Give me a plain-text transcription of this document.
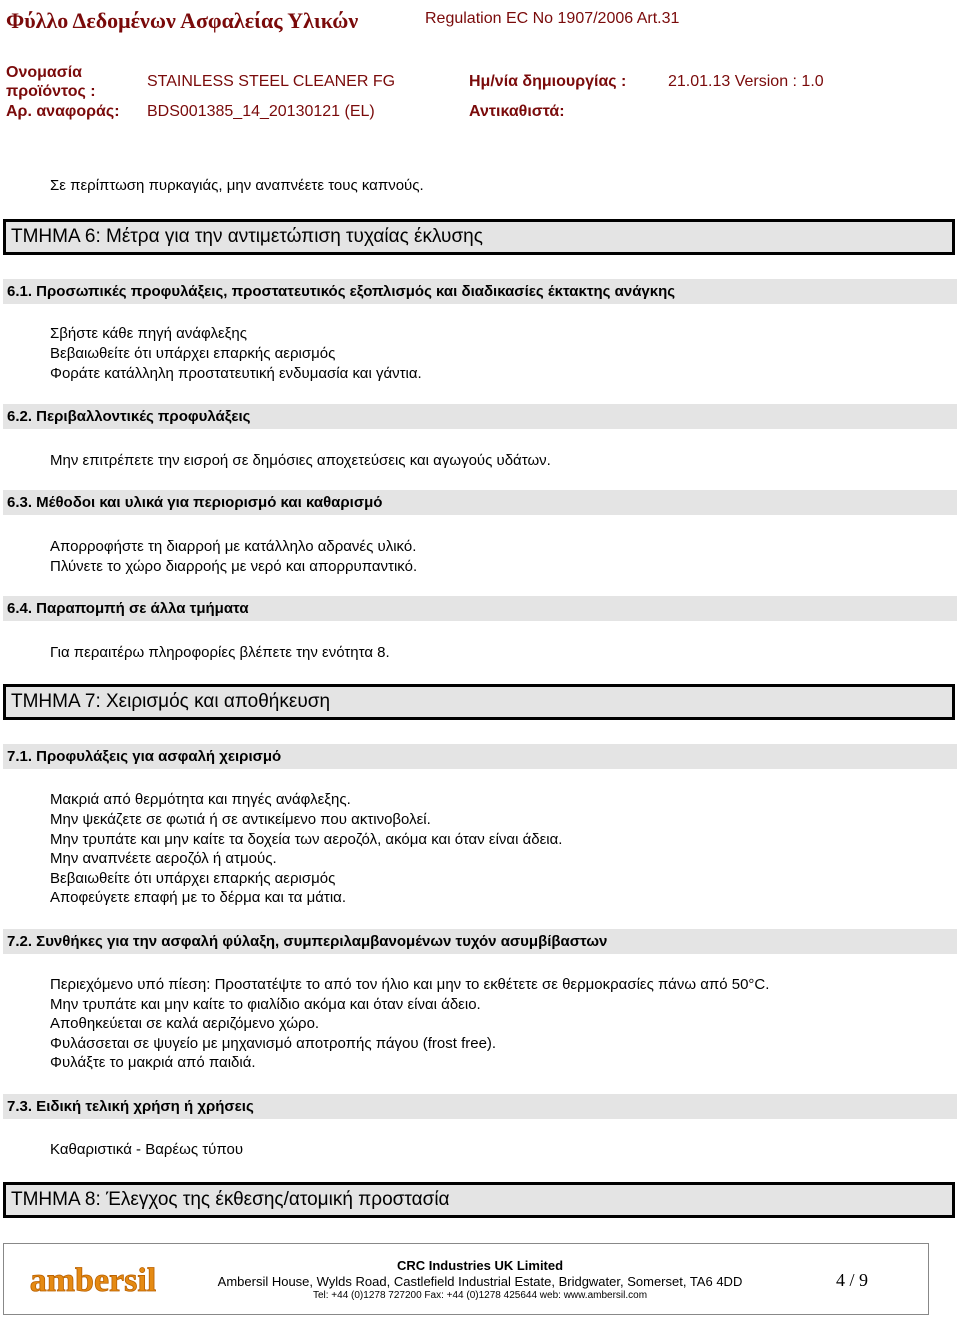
Φύλλο Δεδομένων Ασφαλείας Υλικών	Regulation EC No 1907/2006 Art.31
Ονομασία
προϊόντος :
STAINLESS STEEL CLEANER FG	Ημ/νία δημιουργίας :	21.01.13 Version : 1.0
Αρ. αναφοράς: BDS001385_14_20130121 (EL)	Αντικαθιστά:
Σε περίπτωση πυρκαγιάς, μην αναπνέετε τους καπνούς.
ΤΜΗΜΑ 6: Μέτρα για την αντιμετώπιση τυχαίας έκλυσης
6.1. Προσωπικές προφυλάξεις, προστατευτικός εξοπλισμός και διαδικασίες έκτακτης ανάγκης
Σβήστε κάθε πηγή ανάφλεξης
Βεβαιωθείτε ότι υπάρχει επαρκής αερισμός
Φοράτε κατάλληλη προστατευτική ενδυμασία και γάντια.
6.2. Περιβαλλοντικές προφυλάξεις
Μην επιτρέπετε την εισροή σε δημόσιες αποχετεύσεις και αγωγούς υδάτων.
6.3. Μέθοδοι και υλικά για περιορισμό και καθαρισμό
Απορροφήστε τη διαρροή με κατάλληλο αδρανές υλικό.
Πλύνετε το χώρο διαρροής με νερό και απορρυπαντικό.
6.4. Παραπομπή σε άλλα τμήματα
Για περαιτέρω πληροφορίες βλέπετε την ενότητα 8.
ΤΜΗΜΑ 7: Χειρισμός και αποθήκευση
7.1. Προφυλάξεις για ασφαλή χειρισμό
Μακριά από θερμότητα και πηγές ανάφλεξης.
Μην ψεκάζετε σε φωτιά ή σε αντικείμενο που ακτινοβολεί.
Μην τρυπάτε και μην καίτε τα δοχεία των αεροζόλ, ακόμα και όταν είναι άδεια.
Μην αναπνέετε αεροζόλ ή ατμούς.
Βεβαιωθείτε ότι υπάρχει επαρκής αερισμός
Αποφεύγετε επαφή με το δέρμα και τα μάτια.
7.2. Συνθήκες για την ασφαλή φύλαξη, συμπεριλαμβανομένων τυχόν ασυμβίβαστων
Περιεχόμενο υπό πίεση: Προστατέψτε το από τον ήλιο και μην το εκθέτετε σε θερμοκρασίες πάνω από 50°C.
Μην τρυπάτε και μην καίτε το φιαλίδιο ακόμα και όταν είναι άδειο.
Αποθηκεύεται σε καλά αεριζόμενο χώρο.
Φυλάσσεται σε ψυγείο με μηχανισμό αποτροπής πάγου (frost free).
Φυλάξτε το μακριά από παιδιά.
7.3. Ειδική τελική χρήση ή χρήσεις
Καθαριστικά - Βαρέως τύπου
ΤΜΗΜΑ 8: Έλεγχος της έκθεσης/ατομική προστασία
ambersil	CRC Industries UK Limited
Ambersil House, Wylds Road, Castlefield Industrial Estate, Bridgwater, Somerset, TA6 4DD
Tel: +44 (0)1278 727200 Fax: +44 (0)1278 425644 web: www.ambersil.com
4 / 9
